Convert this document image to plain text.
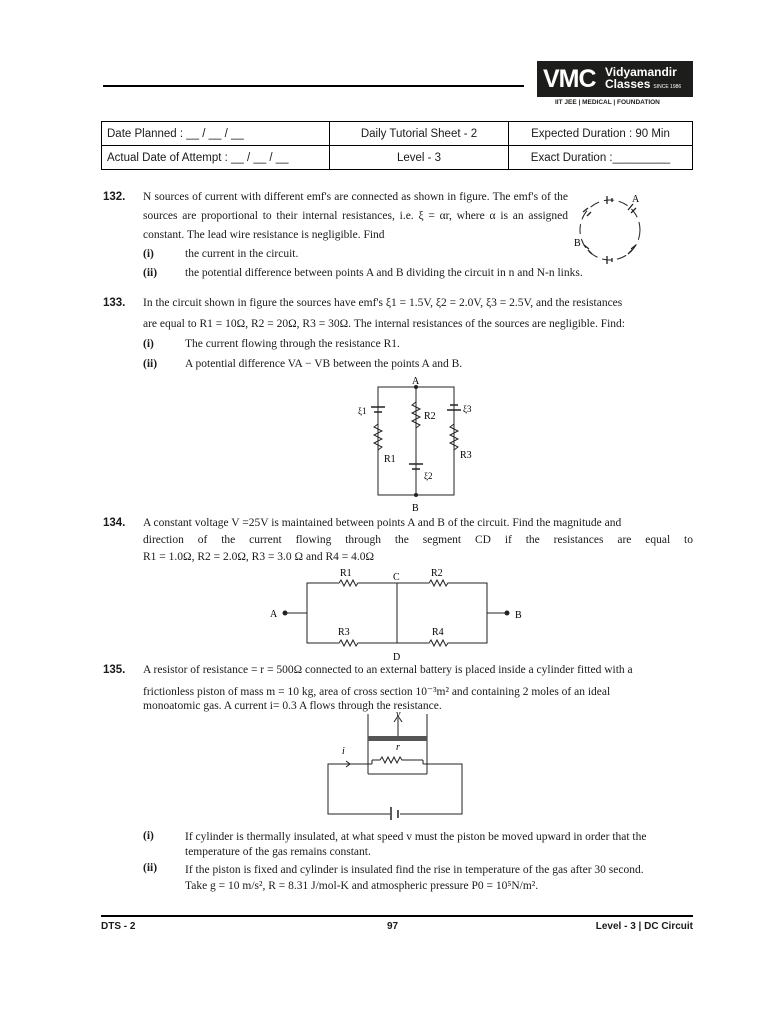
VMC Vidyamandir
Classes SINCE 1986
IIT JEE | MEDICAL | FOUNDATION
Date Planned : __ / __ / __	Daily Tutorial Sheet - 2	Expected Duration : 90 Min
Actual Date of Attempt : __ / __ / __	Level - 3	Exact Duration :_________
132. N sources of current with different emf's are connected as shown in figure. The emf's of the sources are proportional to their internal resistances, i.e. ξ = αr, where α is an assigned constant. The lead wire resistance is negligible. Find
(i)	the current in the circuit.
(ii) the potential difference between points A and B dividing the circuit in n and N-n links.
A
B
133. In the circuit shown in figure the sources have emf's ξ1 = 1.5V, ξ2 = 2.0V, ξ3 = 2.5V, and the resistances
are equal to R1 = 10Ω, R2 = 20Ω, R3 = 30Ω. The internal resistances of the sources are negligible. Find:
(i)	The current flowing through the resistance R1.
(ii) A potential difference VA − VB between the points A and B.
A
B
ξ1
ξ2
ξ3
R1
R2
R3
134. A constant voltage V =25V is maintained between points A and B of the circuit. Find the magnitude and
direction of the current flowing through the segment CD if the resistances are equal to
R1 = 1.0Ω, R2 = 2.0Ω, R3 = 3.0 Ω and R4 = 4.0Ω
A	B
C
D
R1	R2
R3	R4
135. A resistor of resistance = r = 500Ω connected to an external battery is placed inside a cylinder fitted with a
frictionless piston of mass m = 10 kg, area of cross section 10⁻³m² and containing 2 moles of an ideal
monoatomic gas. A current i= 0.3 A flows through the resistance.
v
r
i
(i)	If cylinder is thermally insulated, at what speed v must the piston be moved upward in order that the temperature of the gas remains constant.
(ii) If the piston is fixed and cylinder is insulated find the rise in temperature of the gas after 30 second. Take g = 10 m/s², R = 8.31 J/mol-K and atmospheric pressure P0 = 10⁵N/m².
DTS - 2	97	Level - 3 | DC Circuit
